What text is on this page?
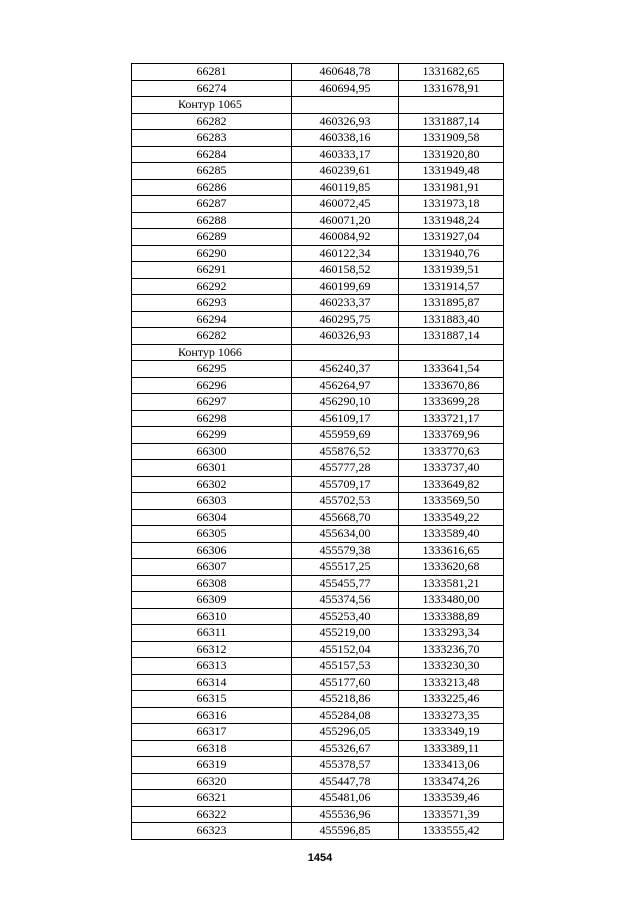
66281	460648,78	1331682,65
66274	460694,95	1331678,91
Контур 1065		
66282	460326,93	1331887,14
66283	460338,16	1331909,58
66284	460333,17	1331920,80
66285	460239,61	1331949,48
66286	460119,85	1331981,91
66287	460072,45	1331973,18
66288	460071,20	1331948,24
66289	460084,92	1331927,04
66290	460122,34	1331940,76
66291	460158,52	1331939,51
66292	460199,69	1331914,57
66293	460233,37	1331895,87
66294	460295,75	1331883,40
66282	460326,93	1331887,14
Контур 1066		
66295	456240,37	1333641,54
66296	456264,97	1333670,86
66297	456290,10	1333699,28
66298	456109,17	1333721,17
66299	455959,69	1333769,96
66300	455876,52	1333770,63
66301	455777,28	1333737,40
66302	455709,17	1333649,82
66303	455702,53	1333569,50
66304	455668,70	1333549,22
66305	455634,00	1333589,40
66306	455579,38	1333616,65
66307	455517,25	1333620,68
66308	455455,77	1333581,21
66309	455374,56	1333480,00
66310	455253,40	1333388,89
66311	455219,00	1333293,34
66312	455152,04	1333236,70
66313	455157,53	1333230,30
66314	455177,60	1333213,48
66315	455218,86	1333225,46
66316	455284,08	1333273,35
66317	455296,05	1333349,19
66318	455326,67	1333389,11
66319	455378,57	1333413,06
66320	455447,78	1333474,26
66321	455481,06	1333539,46
66322	455536,96	1333571,39
66323	455596,85	1333555,42
1454
